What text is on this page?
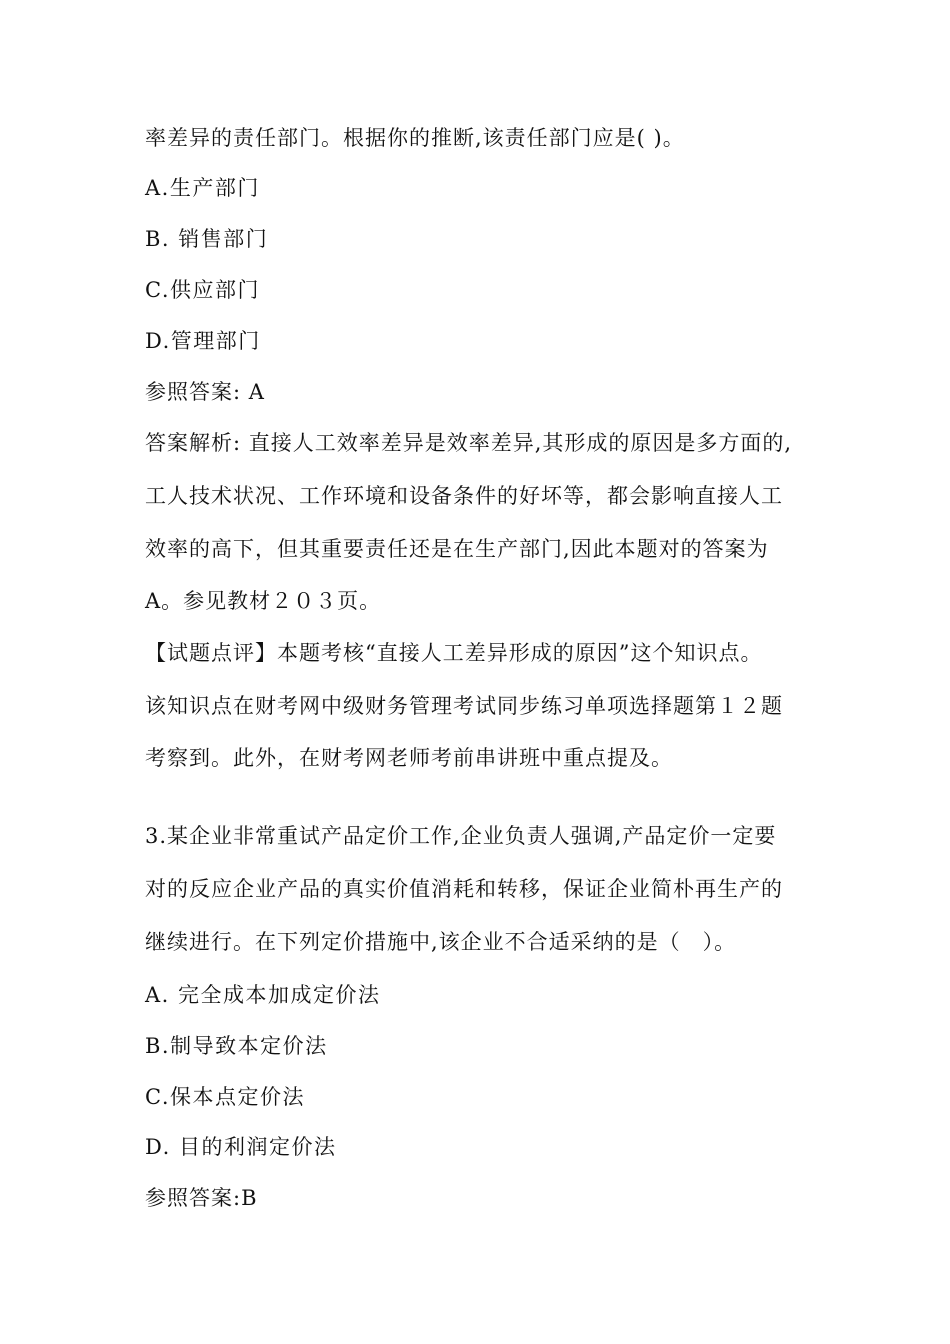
率差异的责任部门。根据你的推断,该责任部门应是( )。
A.生产部门
B. 销售部门
C.供应部门
D.管理部门
参照答案: A
答案解析: 直接人工效率差异是效率差异,其形成的原因是多方面的,
工人技术状况、工作环境和设备条件的好坏等，都会影响直接人工
效率的高下，但其重要责任还是在生产部门,因此本题对的答案为
A。参见教材２０３页。
【试题点评】本题考核“直接人工差异形成的原因”这个知识点。
该知识点在财考网中级财务管理考试同步练习单项选择题第１２题
考察到。此外，在财考网老师考前串讲班中重点提及。
3.某企业非常重试产品定价工作,企业负责人强调,产品定价一定要
对的反应企业产品的真实价值消耗和转移，保证企业简朴再生产的
继续进行。在下列定价措施中,该企业不合适采纳的是（　）。
A. 完全成本加成定价法
B.制导致本定价法
C.保本点定价法
D. 目的利润定价法
参照答案:B
